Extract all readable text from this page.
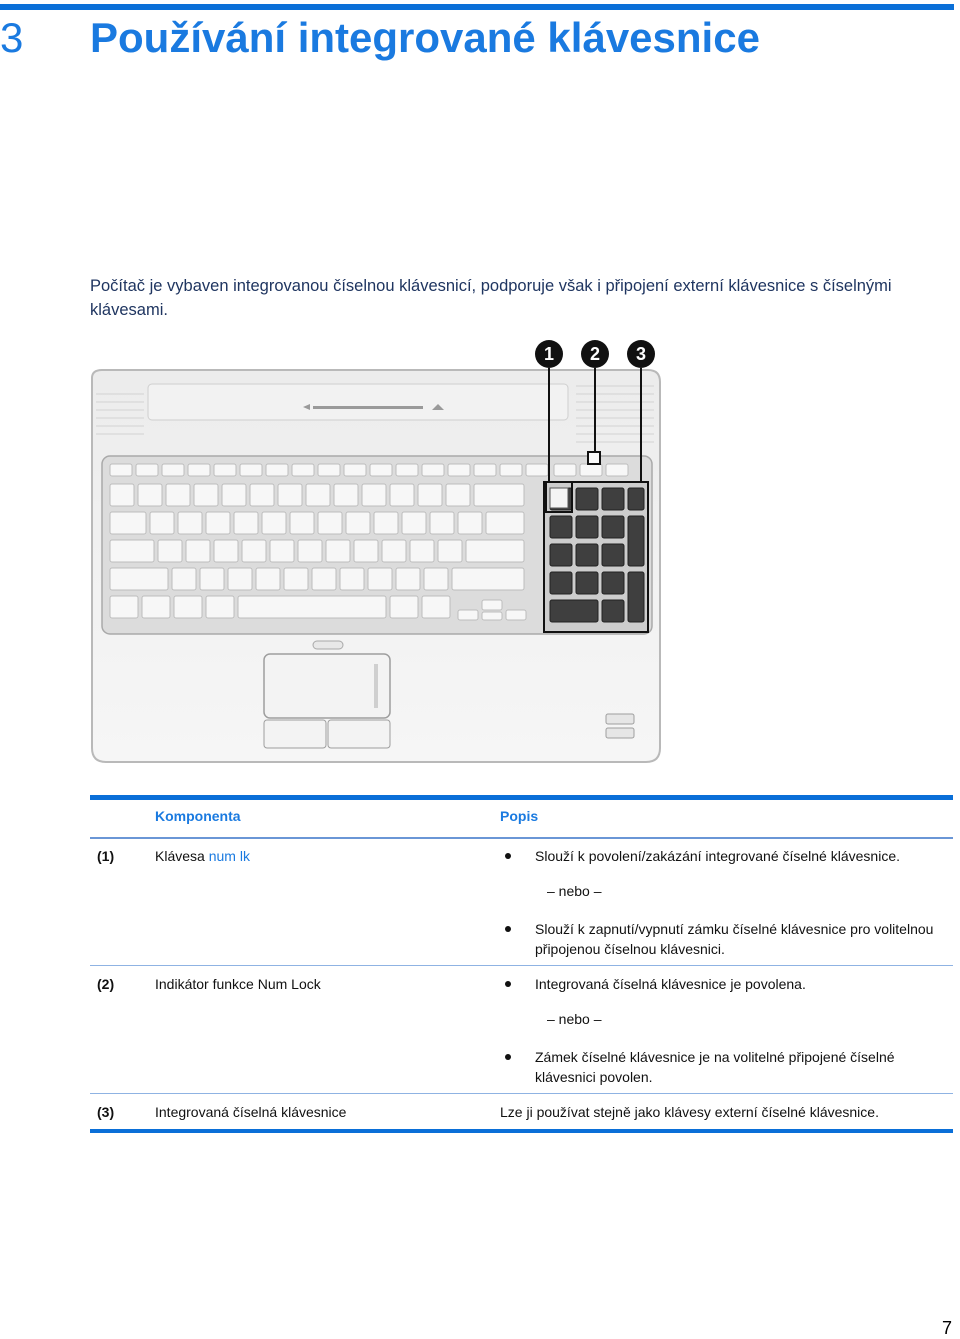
3 Používání integrované klávesnice
Počítač je vybaven integrovanou číselnou klávesnicí, podporuje však i připojení externí klávesnice s číselnými klávesami.
1	2	3
Komponenta	Popis
(1)	Klávesa num lk	Slouží k povolení/zakázání integrované číselné klávesnice.
– nebo –
Slouží k zapnutí/vypnutí zámku číselné klávesnice pro volitelnou připojenou číselnou klávesnici.
(2)	Indikátor funkce Num Lock	Integrovaná číselná klávesnice je povolena.
– nebo –
Zámek číselné klávesnice je na volitelné připojené číselné klávesnici povolen.
(3)	Integrovaná číselná klávesnice	Lze ji používat stejně jako klávesy externí číselné klávesnice.
7
